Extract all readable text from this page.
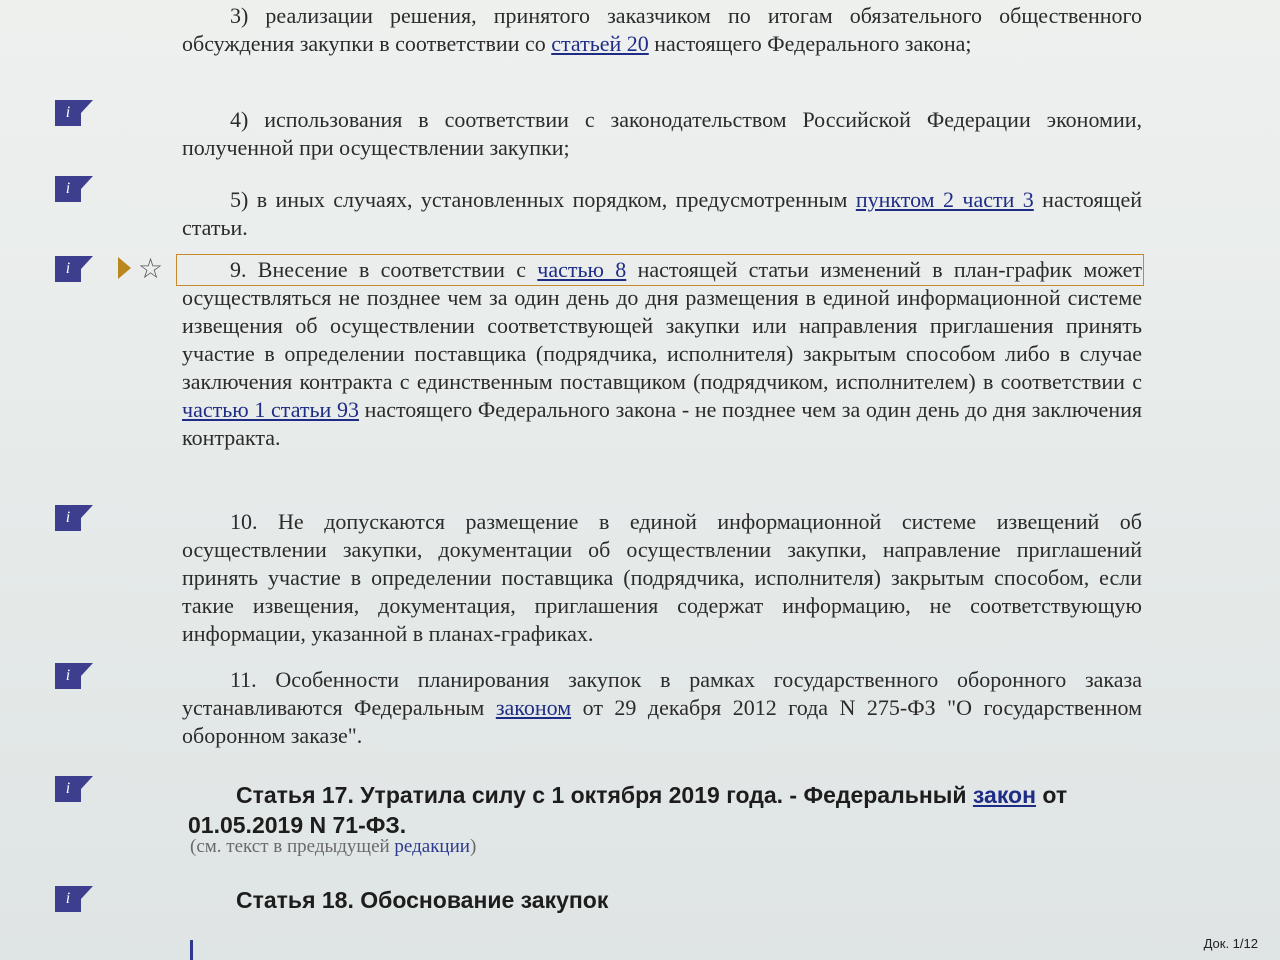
i
i
i
i
i
i
i
☆
3) реализации решения, принятого заказчиком по итогам обязательного общественного обсуждения закупки в соответствии со статьей 20 настоящего Федерального закона;
4) использования в соответствии с законодательством Российской Федерации экономии, полученной при осуществлении закупки;
5) в иных случаях, установленных порядком, предусмотренным пунктом 2 части 3 настоящей статьи.
9. Внесение в соответствии с частью 8 настоящей статьи изменений в план-график может осуществляться не позднее чем за один день до дня размещения в единой информационной системе извещения об осуществлении соответствующей закупки или направления приглашения принять участие в определении поставщика (подрядчика, исполнителя) закрытым способом либо в случае заключения контракта с единственным поставщиком (подрядчиком, исполнителем) в соответствии с частью 1 статьи 93 настоящего Федерального закона - не позднее чем за один день до дня заключения контракта.
10. Не допускаются размещение в единой информационной системе извещений об осуществлении закупки, документации об осуществлении закупки, направление приглашений принять участие в определении поставщика (подрядчика, исполнителя) закрытым способом, если такие извещения, документация, приглашения содержат информацию, не соответствующую информации, указанной в планах-графиках.
11. Особенности планирования закупок в рамках государственного оборонного заказа устанавливаются Федеральным законом от 29 декабря 2012 года N 275-ФЗ "О государственном оборонном заказе".
Статья 17. Утратила силу с 1 октября 2019 года. - Федеральный закон от 01.05.2019 N 71-ФЗ.
(см. текст в предыдущей редакции)
Статья 18. Обоснование закупок
Док. 1/12
